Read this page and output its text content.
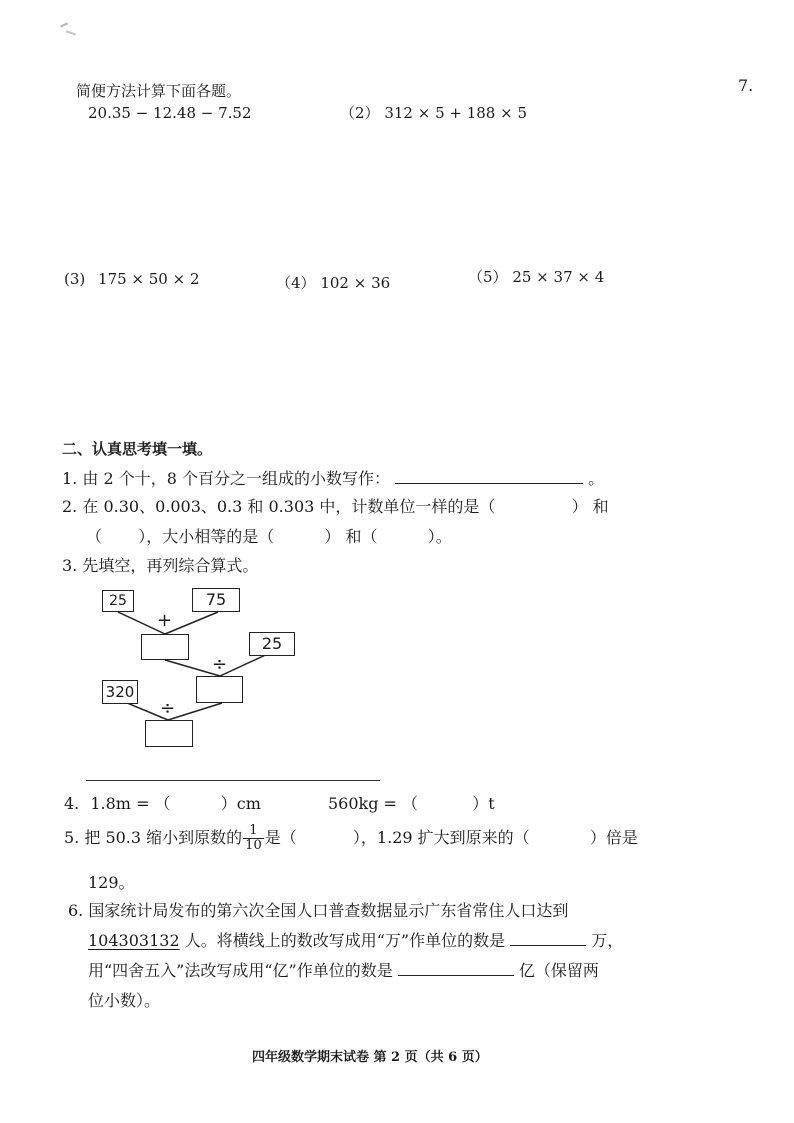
7.
简便方法计算下面各题。
20.35 − 12.48 − 7.52	（2） 312 × 5 + 188 × 5
(3) 175 × 50 × 2	（4） 102 × 36	（5） 25 × 37 × 4
二、认真思考填一填。
1. 由 2 个十，8 个百分之一组成的小数写作：	。
2. 在 0.30、0.003、0.3 和 0.303 中，计数单位一样的是（	） 和
（ ），大小相等的是（	） 和（	）。
3. 先填空，再列综合算式。
25	75
+
25
÷
320
÷
4. 1.8m = （	）cm	560kg = （	）t
5. 把 50.3 缩小到原数的 $\frac{1}{10}$ 是（	），1.29 扩大到原来的（	）倍是
129。
6. 国家统计局发布的第六次全国人口普查数据显示广东省常住人口达到
104303132 人。将横线上的数改写成用“万”作单位的数是	万，
用“四舍五入”法改写成用“亿”作单位的数是	亿（保留两
位小数）。
四年级数学期末试卷 第 2 页（共 6 页）
